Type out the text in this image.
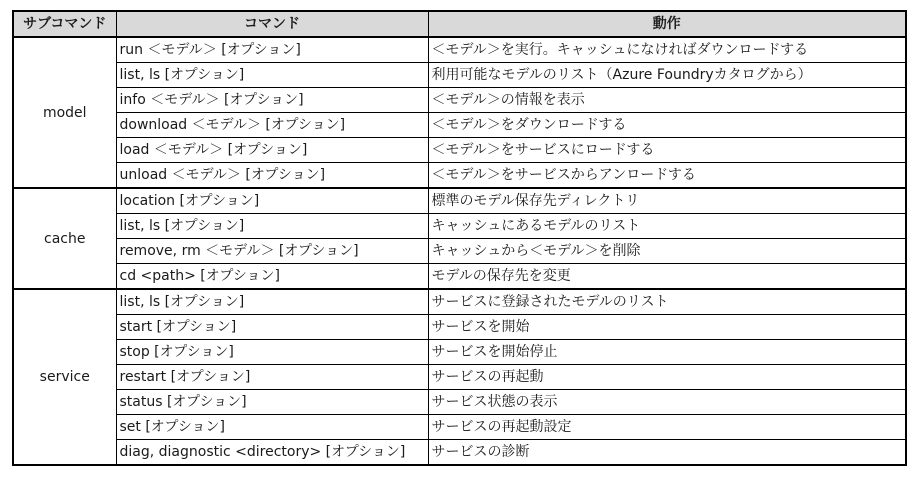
サブコマンド	コマンド	動作
model	run ＜モデル＞ [オプション]	＜モデル＞を実行。キャッシュになければダウンロードする
	list, ls [オプション]	利用可能なモデルのリスト（Azure Foundryカタログから）
	info ＜モデル＞ [オプション]	＜モデル＞の情報を表示
	download ＜モデル＞ [オプション]	＜モデル＞をダウンロードする
	load ＜モデル＞ [オプション]	＜モデル＞をサービスにロードする
	unload ＜モデル＞ [オプション]	＜モデル＞をサービスからアンロードする
cache	location [オプション]	標準のモデル保存先ディレクトリ
	list, ls [オプション]	キャッシュにあるモデルのリスト
	remove, rm ＜モデル＞ [オプション]	キャッシュから＜モデル＞を削除
	cd <path> [オプション]	モデルの保存先を変更
service	list, ls [オプション]	サービスに登録されたモデルのリスト
	start [オプション]	サービスを開始
	stop [オプション]	サービスを開始停止
	restart [オプション]	サービスの再起動
	status [オプション]	サービス状態の表示
	set [オプション]	サービスの再起動設定
	diag, diagnostic <directory> [オプション]	サービスの診断
